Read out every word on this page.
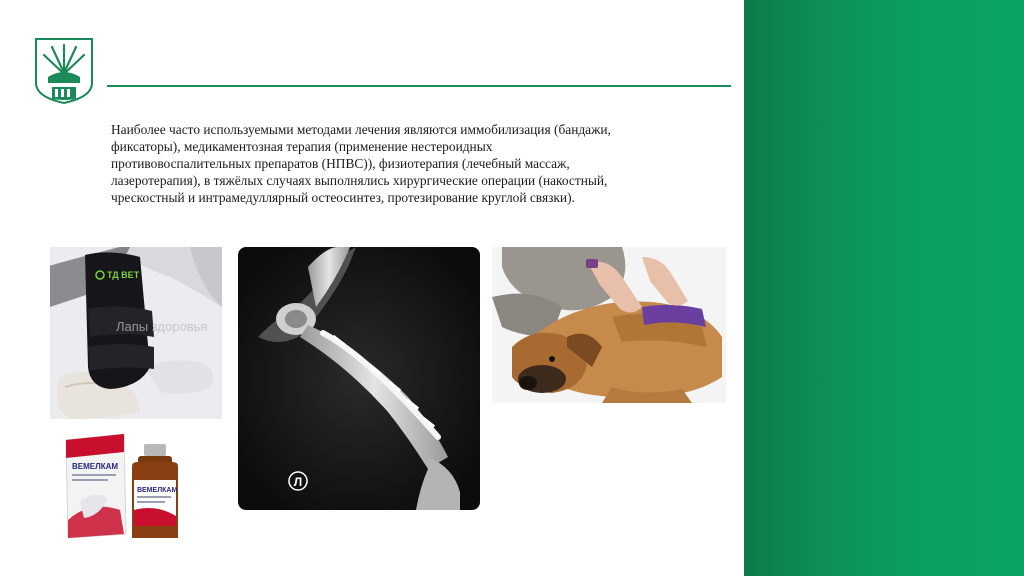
Наиболее часто используемыми методами лечения являются иммобилизация (бандажи, фиксаторы), медикаментозная терапия (применение нестероидных противовоспалительных препаратов (НПВС)), физиотерапия (лечебный массаж, лазеротерапия), в тяжёлых случаях выполнялись хирургические операции (накостный, чрескостный и интрамедуллярный остеосинтез, протезирование круглой связки).

ТД ВЕТ
Лапы здоровья
Л
ВЕМЕЛКАМ
ВЕМЕЛКАМ
